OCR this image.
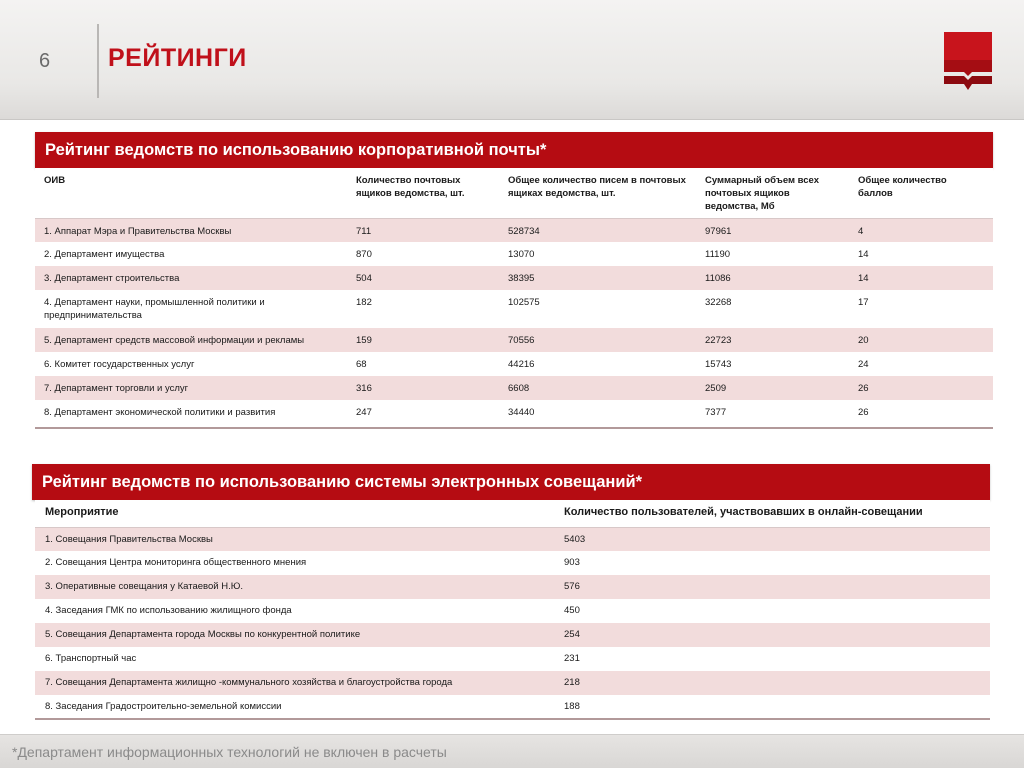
6 РЕЙТИНГИ
Рейтинг ведомств по использованию корпоративной почты*
ОИВ	Количество почтовых ящиков ведомства, шт.	Общее количество писем в почтовых ящиках ведомства, шт.	Суммарный объем всех почтовых ящиков ведомства, Мб	Общее количество баллов
1. Аппарат Мэра и Правительства Москвы	711	528734	97961	4
2. Департамент имущества	870	13070	11190	14
3. Департамент строительства	504	38395	11086	14
4. Департамент науки, промышленной политики и предпринимательства	182	102575	32268	17
5. Департамент средств массовой информации и рекламы	159	70556	22723	20
6. Комитет государственных услуг	68	44216	15743	24
7. Департамент торговли и услуг	316	6608	2509	26
8. Департамент экономической политики и развития	247	34440	7377	26
Рейтинг ведомств по использованию системы электронных совещаний*
Мероприятие	Количество пользователей, участвовавших в онлайн-совещании
1. Совещания Правительства Москвы	5403
2. Совещания Центра мониторинга общественного мнения	903
3. Оперативные совещания у Катаевой Н.Ю.	576
4. Заседания ГМК по использованию жилищного фонда	450
5. Совещания Департамента города Москвы по конкурентной политике	254
6. Транспортный час	231
7. Совещания Департамента жилищно -коммунального хозяйства и благоустройства города	218
8. Заседания Градостроительно-земельной комиссии	188
*Департамент информационных технологий не включен в расчеты
